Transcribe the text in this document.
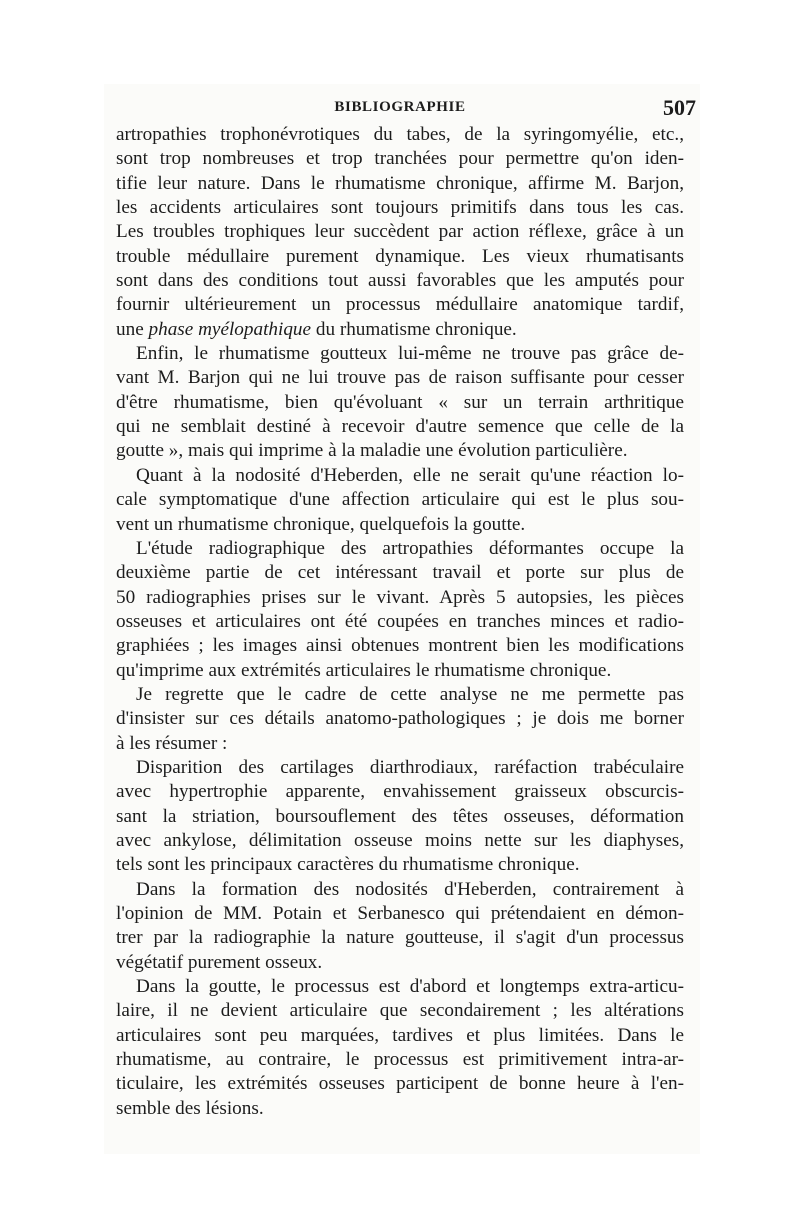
BIBLIOGRAPHIE	507
artropathies trophonévrotiques du tabes, de la syringomyélie, etc.,
sont trop nombreuses et trop tranchées pour permettre qu'on iden-
tifie leur nature. Dans le rhumatisme chronique, affirme M. Barjon,
les accidents articulaires sont toujours primitifs dans tous les cas.
Les troubles trophiques leur succèdent par action réflexe, grâce à un
trouble médullaire purement dynamique. Les vieux rhumatisants
sont dans des conditions tout aussi favorables que les amputés pour
fournir ultérieurement un processus médullaire anatomique tardif,
une phase myélopathique du rhumatisme chronique.
Enfin, le rhumatisme goutteux lui-même ne trouve pas grâce de-
vant M. Barjon qui ne lui trouve pas de raison suffisante pour cesser
d'être rhumatisme, bien qu'évoluant « sur un terrain arthritique
qui ne semblait destiné à recevoir d'autre semence que celle de la
goutte », mais qui imprime à la maladie une évolution particulière.
Quant à la nodosité d'Heberden, elle ne serait qu'une réaction lo-
cale symptomatique d'une affection articulaire qui est le plus sou-
vent un rhumatisme chronique, quelquefois la goutte.
L'étude radiographique des artropathies déformantes occupe la
deuxième partie de cet intéressant travail et porte sur plus de
50 radiographies prises sur le vivant. Après 5 autopsies, les pièces
osseuses et articulaires ont été coupées en tranches minces et radio-
graphiées ; les images ainsi obtenues montrent bien les modifications
qu'imprime aux extrémités articulaires le rhumatisme chronique.
Je regrette que le cadre de cette analyse ne me permette pas
d'insister sur ces détails anatomo-pathologiques ; je dois me borner
à les résumer :
Disparition des cartilages diarthrodiaux, raréfaction trabéculaire
avec hypertrophie apparente, envahissement graisseux obscurcis-
sant la striation, boursouflement des têtes osseuses, déformation
avec ankylose, délimitation osseuse moins nette sur les diaphyses,
tels sont les principaux caractères du rhumatisme chronique.
Dans la formation des nodosités d'Heberden, contrairement à
l'opinion de MM. Potain et Serbanesco qui prétendaient en démon-
trer par la radiographie la nature goutteuse, il s'agit d'un processus
végétatif purement osseux.
Dans la goutte, le processus est d'abord et longtemps extra-articu-
laire, il ne devient articulaire que secondairement ; les altérations
articulaires sont peu marquées, tardives et plus limitées. Dans le
rhumatisme, au contraire, le processus est primitivement intra-ar-
ticulaire, les extrémités osseuses participent de bonne heure à l'en-
semble des lésions.
